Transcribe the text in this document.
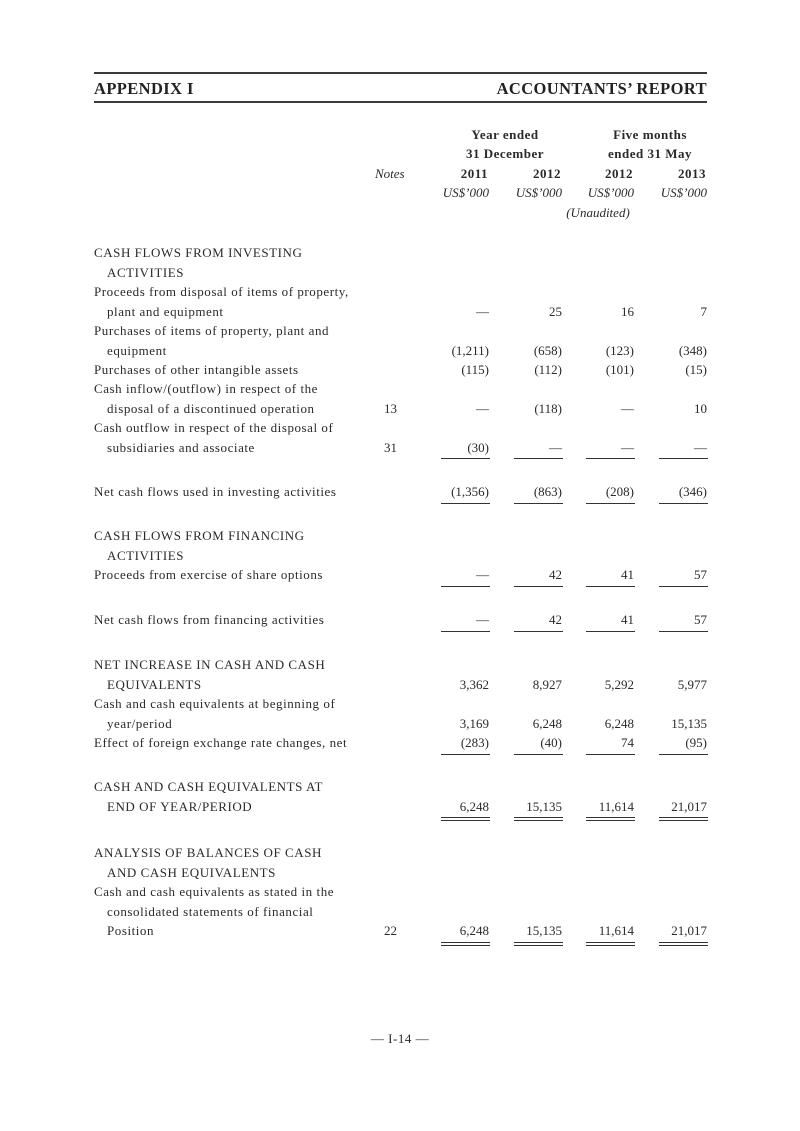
APPENDIX I	ACCOUNTANTS’ REPORT
Year ended
31 December
Five months
ended 31 May
Notes	2011	2012	2012	2013
US$’000 US$’000 US$’000 US$’000
(Unaudited)
CASH FLOWS FROM INVESTING
ACTIVITIES
Proceeds from disposal of items of property,
plant and equipment	—	25	16	7
Purchases of items of property, plant and
equipment	(1,211)	(658)	(123)	(348)
Purchases of other intangible assets	(115)	(112)	(101)	(15)
Cash inflow/(outflow) in respect of the
disposal of a discontinued operation	13	—	(118)	—	10
Cash outflow in respect of the disposal of
subsidiaries and associate	31	(30)	—	—	—
Net cash flows used in investing activities	(1,356)	(863)	(208)	(346)
CASH FLOWS FROM FINANCING
ACTIVITIES
Proceeds from exercise of share options	—	42	41	57
Net cash flows from financing activities	—	42	41	57
NET INCREASE IN CASH AND CASH
EQUIVALENTS	3,362	8,927	5,292	5,977
Cash and cash equivalents at beginning of
year/period	3,169	6,248	6,248	15,135
Effect of foreign exchange rate changes, net	(283)	(40)	74	(95)
CASH AND CASH EQUIVALENTS AT
END OF YEAR/PERIOD	6,248	15,135	11,614	21,017
ANALYSIS OF BALANCES OF CASH
AND CASH EQUIVALENTS
Cash and cash equivalents as stated in the
consolidated statements of financial
Position	22	6,248	15,135	11,614	21,017
— I-14 —
